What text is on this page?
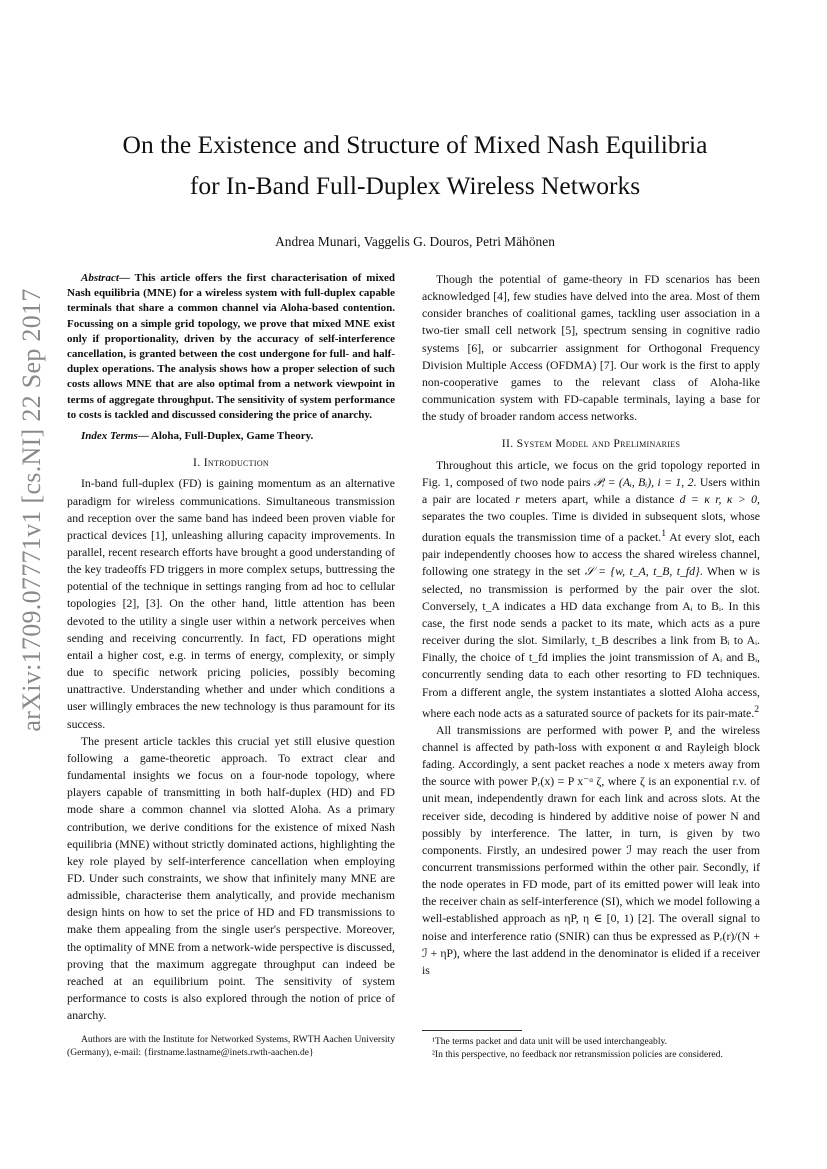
arXiv:1709.07771v1 [cs.NI] 22 Sep 2017
On the Existence and Structure of Mixed Nash Equilibria
for In-Band Full-Duplex Wireless Networks
Andrea Munari, Vaggelis G. Douros, Petri Mähönen

Abstract— This article offers the first characterisation of mixed Nash equilibria (MNE) for a wireless system with full-duplex capable terminals that share a common channel via Aloha-based contention. Focussing on a simple grid topology, we prove that mixed MNE exist only if proportionality, driven by the accuracy of self-interference cancellation, is granted between the cost undergone for full- and half-duplex operations. The analysis shows how a proper selection of such costs allows MNE that are also optimal from a network viewpoint in terms of aggregate throughput. The sensitivity of system performance to costs is tackled and discussed considering the price of anarchy.

Index Terms— Aloha, Full-Duplex, Game Theory.

I. Introduction

In-band full-duplex (FD) is gaining momentum as an alternative paradigm for wireless communications. Simultaneous transmission and reception over the same band has indeed been proven viable for practical devices [1], unleashing alluring capacity improvements. In parallel, recent research efforts have brought a good understanding of the key tradeoffs FD triggers in more complex setups, buttressing the potential of the technique in settings ranging from ad hoc to cellular topologies [2], [3]. On the other hand, little attention has been devoted to the utility a single user within a network perceives when sending and receiving concurrently. In fact, FD operations might entail a higher cost, e.g. in terms of energy, complexity, or simply due to specific network pricing policies, possibly becoming unattractive. Understanding whether and under which conditions a user willingly embraces the new technology is thus paramount for its success.

The present article tackles this crucial yet still elusive question following a game-theoretic approach. To extract clear and fundamental insights we focus on a four-node topology, where players capable of transmitting in both half-duplex (HD) and FD mode share a common channel via slotted Aloha. As a primary contribution, we derive conditions for the existence of mixed Nash equilibria (MNE) without strictly dominated actions, highlighting the key role played by self-interference cancellation when employing FD. Under such constraints, we show that infinitely many MNE are admissible, characterise them analytically, and provide mechanism design hints on how to set the price of HD and FD transmissions to make them appealing from the single user's perspective. Moreover, the optimality of MNE from a network-wide perspective is discussed, proving that the maximum aggregate throughput can indeed be reached at an equilibrium point. The sensitivity of system performance to costs is also explored through the notion of price of anarchy.

Though the potential of game-theory in FD scenarios has been acknowledged [4], few studies have delved into the area. Most of them consider branches of coalitional games, tackling user association in a two-tier small cell network [5], spectrum sensing in cognitive radio systems [6], or subcarrier assignment for Orthogonal Frequency Division Multiple Access (OFDMA) [7]. Our work is the first to apply non-cooperative games to the relevant class of Aloha-like communication system with FD-capable terminals, laying a base for the study of broader random access networks.

II. System Model and Preliminaries

Throughout this article, we focus on the grid topology reported in Fig. 1, composed of two node pairs 𝒫ᵢ = (Aᵢ, Bᵢ), i = 1, 2. Users within a pair are located r meters apart, while a distance d = κ r, κ > 0, separates the two couples. Time is divided in subsequent slots, whose duration equals the transmission time of a packet.$^1$ At every slot, each pair independently chooses how to access the shared wireless channel, following one strategy in the set 𝒮 = {w, t_A, t_B, t_fd}. When w is selected, no transmission is performed by the pair over the slot. Conversely, t_A indicates a HD data exchange from Aᵢ to Bᵢ. In this case, the first node sends a packet to its mate, which acts as a pure receiver during the slot. Similarly, t_B describes a link from Bᵢ to Aᵢ. Finally, the choice of t_fd implies the joint transmission of Aᵢ and Bᵢ, concurrently sending data to each other resorting to FD techniques. From a different angle, the system instantiates a slotted Aloha access, where each node acts as a saturated source of packets for its pair-mate.$^2$

All transmissions are performed with power P, and the wireless channel is affected by path-loss with exponent α and Rayleigh block fading. Accordingly, a sent packet reaches a node x meters away from the source with power Pᵣ(x) = P x⁻ᵅ ζ, where ζ is an exponential r.v. of unit mean, independently drawn for each link and across slots. At the receiver side, decoding is hindered by additive noise of power N and possibly by interference. The latter, in turn, is given by two components. Firstly, an undesired power ℐ may reach the user from concurrent transmissions performed within the other pair. Secondly, if the node operates in FD mode, part of its emitted power will leak into the receiver chain as self-interference (SI), which we model following a well-established approach as ηP, η ∈ [0, 1) [2]. The overall signal to noise and interference ratio (SNIR) can thus be expressed as Pᵣ(r)/(N + ℐ + ηP), where the last addend in the denominator is elided if a receiver is

Authors are with the Institute for Networked Systems, RWTH Aachen University (Germany), e-mail: {firstname.lastname@inets.rwth-aachen.de}
¹The terms packet and data unit will be used interchangeably.
²In this perspective, no feedback nor retransmission policies are considered.
